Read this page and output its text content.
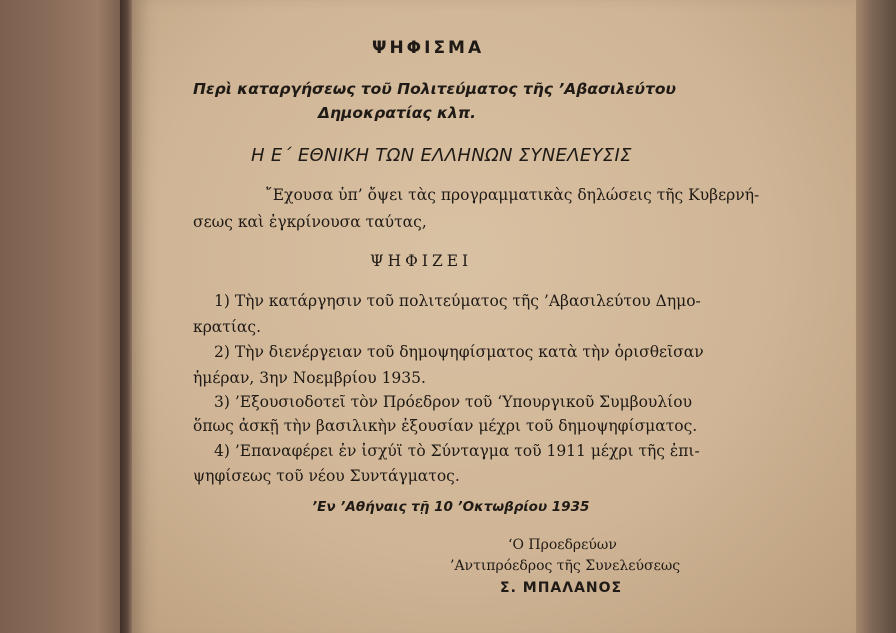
ΨΗΦΙΣΜΑ
Περὶ καταργήσεως τοῦ Πολιτεύματος τῆς ’Αβασιλεύτου
Δημοκρατίας κλπ.
Η Ε΄ ΕΘΝΙΚΗ ΤΩΝ ΕΛΛΗΝΩΝ ΣΥΝΕΛΕΥΣΙΣ
῎Εχουσα ὑπ’ ὄψει τὰς προγραμματικὰς δηλώσεις τῆς Κυβερνή-
σεως καὶ ἐγκρίνουσα ταύτας,
ΨΗΦΙΖΕΙ
1) Τὴν κατάργησιν τοῦ πολιτεύματος τῆς ’Αβασιλεύτου Δημο-
κρατίας.
2) Τὴν διενέργειαν τοῦ δημοψηφίσματος κατὰ τὴν ὁρισθεῖσαν
ἡμέραν, 3ην Νοεμβρίου 1935.
3) ’Εξουσιοδοτεῖ τὸν Πρόεδρον τοῦ ‘Υπουργικοῦ Συμβουλίου
ὅπως ἀσκῇ τὴν βασιλικὴν ἐξουσίαν μέχρι τοῦ δημοψηφίσματος.
4) ’Επαναφέρει ἐν ἰσχύϊ τὸ Σύνταγμα τοῦ 1911 μέχρι τῆς ἐπι-
ψηφίσεως τοῦ νέου Συντάγματος.
’Εν ’Αθήναις τῇ 10 ’Οκτωβρίου 1935
‘Ο Προεδρεύων
’Αντιπρόεδρος τῆς Συνελεύσεως
Σ. ΜΠΑΛΑΝΟΣ
